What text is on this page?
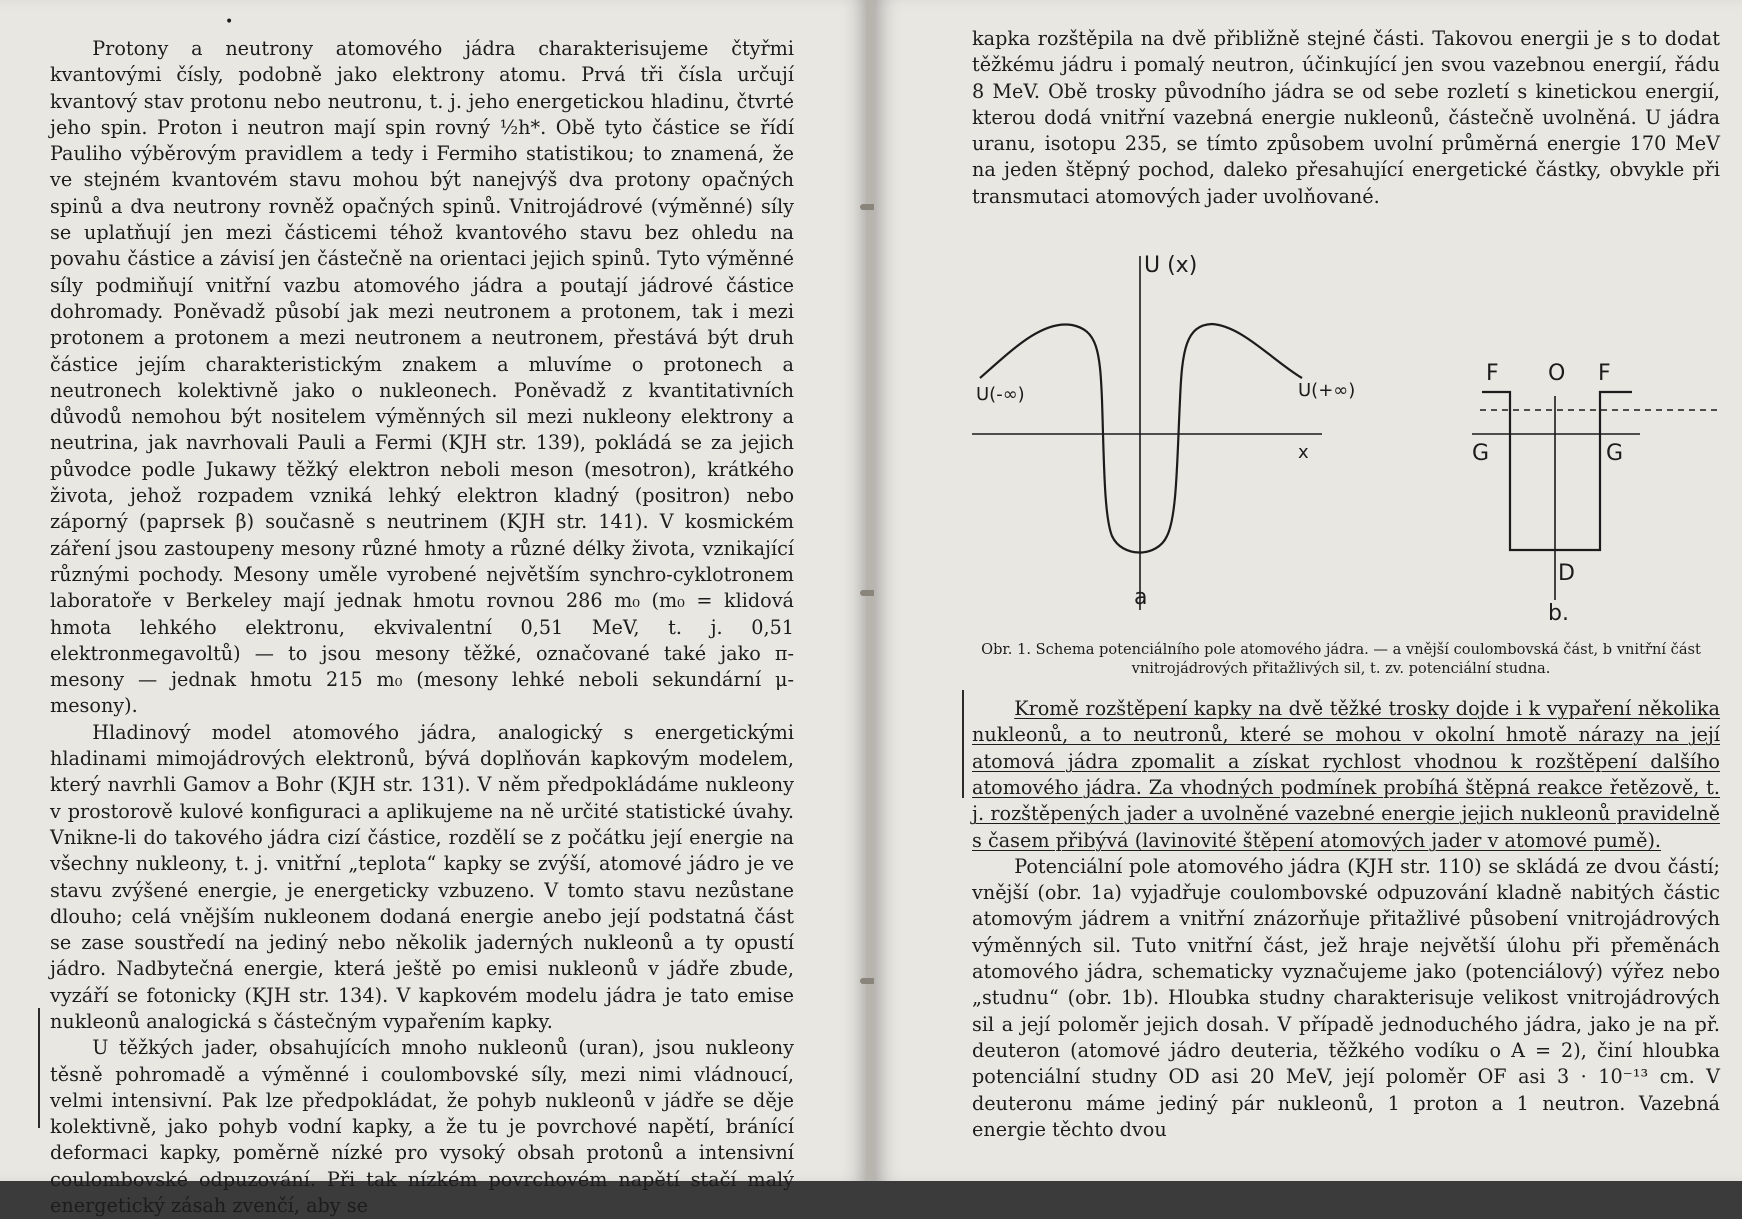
•

Protony a neutrony atomového jádra charakterisujeme čtyřmi kvantovými čísly, podobně jako elektrony atomu. Prvá tři čísla určují kvantový stav protonu nebo neutronu, t. j. jeho energetickou hladinu, čtvrté jeho spin. Proton i neutron mají spin rovný ½h*. Obě tyto částice se řídí Pauliho výběrovým pravidlem a tedy i Fermiho statistikou; to znamená, že ve stejném kvantovém stavu mohou být nanejvýš dva protony opačných spinů a dva neutrony rovněž opačných spinů. Vnitrojádrové (výměnné) síly se uplatňují jen mezi částicemi téhož kvantového stavu bez ohledu na povahu částice a závisí jen částečně na orientaci jejich spinů. Tyto výměnné síly podmiňují vnitřní vazbu atomového jádra a poutají jádrové částice dohromady. Poněvadž působí jak mezi neutronem a protonem, tak i mezi protonem a protonem a mezi neutronem a neutronem, přestává být druh částice jejím charakteristickým znakem a mluvíme o protonech a neutronech kolektivně jako o nukleonech. Poněvadž z kvantitativních důvodů nemohou být nositelem výměnných sil mezi nukleony elektrony a neutrina, jak navrhovali Pauli a Fermi (KJH str. 139), pokládá se za jejich původce podle Jukawy těžký elektron neboli meson (mesotron), krátkého života, jehož rozpadem vzniká lehký elektron kladný (positron) nebo záporný (paprsek β) současně s neutrinem (KJH str. 141). V kosmickém záření jsou zastoupeny mesony různé hmoty a různé délky života, vznikající různými pochody. Mesony uměle vyrobené největším synchro-cyklotronem laboratoře v Berkeley mají jednak hmotu rovnou 286 m₀ (m₀ = klidová hmota lehkého elektronu, ekvivalentní 0,51 MeV, t. j. 0,51 elektronmegavoltů) — to jsou mesony těžké, označované také jako π-mesony — jednak hmotu 215 m₀ (mesony lehké neboli sekundární μ-mesony).

Hladinový model atomového jádra, analogický s energetickými hladinami mimojádrových elektronů, bývá doplňován kapkovým modelem, který navrhli Gamov a Bohr (KJH str. 131). V něm předpokládáme nukleony v prostorově kulové konfiguraci a aplikujeme na ně určité statistické úvahy. Vnikne-li do takového jádra cizí částice, rozdělí se z počátku její energie na všechny nukleony, t. j. vnitřní „teplota“ kapky se zvýší, atomové jádro je ve stavu zvýšené energie, je energeticky vzbuzeno. V tomto stavu nezůstane dlouho; celá vnějším nukleonem dodaná energie anebo její podstatná část se zase soustředí na jediný nebo několik jaderných nukleonů a ty opustí jádro. Nadbytečná energie, která ještě po emisi nukleonů v jádře zbude, vyzáří se fotonicky (KJH str. 134). V kapkovém modelu jádra je tato emise nukleonů analogická s částečným vypařením kapky.

U těžkých jader, obsahujících mnoho nukleonů (uran), jsou nukleony těsně pohromadě a výměnné i coulombovské síly, mezi nimi vládnoucí, velmi intensivní. Pak lze předpokládat, že pohyb nukleonů v jádře se děje kolektivně, jako pohyb vodní kapky, a že tu je povrchové napětí, bránící deformaci kapky, poměrně nízké pro vysoký obsah protonů a intensivní coulombovské odpuzování. Při tak nízkém povrchovém napětí stačí malý energetický zásah zvenčí, aby se

kapka rozštěpila na dvě přibližně stejné části. Takovou energii je s to dodat těžkému jádru i pomalý neutron, účinkující jen svou vazebnou energií, řádu 8 MeV. Obě trosky původního jádra se od sebe rozletí s kinetickou energií, kterou dodá vnitřní vazebná energie nukleonů, částečně uvolněná. U jádra uranu, isotopu 235, se tímto způsobem uvolní průměrná energie 170 MeV na jeden štěpný pochod, daleko přesahující energetické částky, obvykle při transmutaci atomových jader uvolňované.

U (x)
U(-∞)	U(+∞)
x
a
F O F
G	G
D
b.

Obr. 1. Schema potenciálního pole atomového jádra. — a vnější coulombovská část, b vnitřní část vnitrojádrových přitažlivých sil, t. zv. potenciální studna.

Kromě rozštěpení kapky na dvě těžké trosky dojde i k vypaření několika nukleonů, a to neutronů, které se mohou v okolní hmotě nárazy na její atomová jádra zpomalit a získat rychlost vhodnou k rozštěpení dalšího atomového jádra. Za vhodných podmínek probíhá štěpná reakce řetězově, t. j. rozštěpených jader a uvolněné vazebné energie jejich nukleonů pravidelně s časem přibývá (lavinovité štěpení atomových jader v atomové pumě).

Potenciální pole atomového jádra (KJH str. 110) se skládá ze dvou částí; vnější (obr. 1a) vyjadřuje coulombovské odpuzování kladně nabitých částic atomovým jádrem a vnitřní znázorňuje přitažlivé působení vnitrojádrových výměnných sil. Tuto vnitřní část, jež hraje největší úlohu při přeměnách atomového jádra, schematicky vyznačujeme jako (potenciálový) výřez nebo „studnu“ (obr. 1b). Hloubka studny charakterisuje velikost vnitrojádrových sil a její poloměr jejich dosah. V případě jednoduchého jádra, jako je na př. deuteron (atomové jádro deuteria, těžkého vodíku o A = 2), činí hloubka potenciální studny OD asi 20 MeV, její poloměr OF asi 3 · 10⁻¹³ cm. V deuteronu máme jediný pár nukleonů, 1 proton a 1 neutron. Vazebná energie těchto dvou
